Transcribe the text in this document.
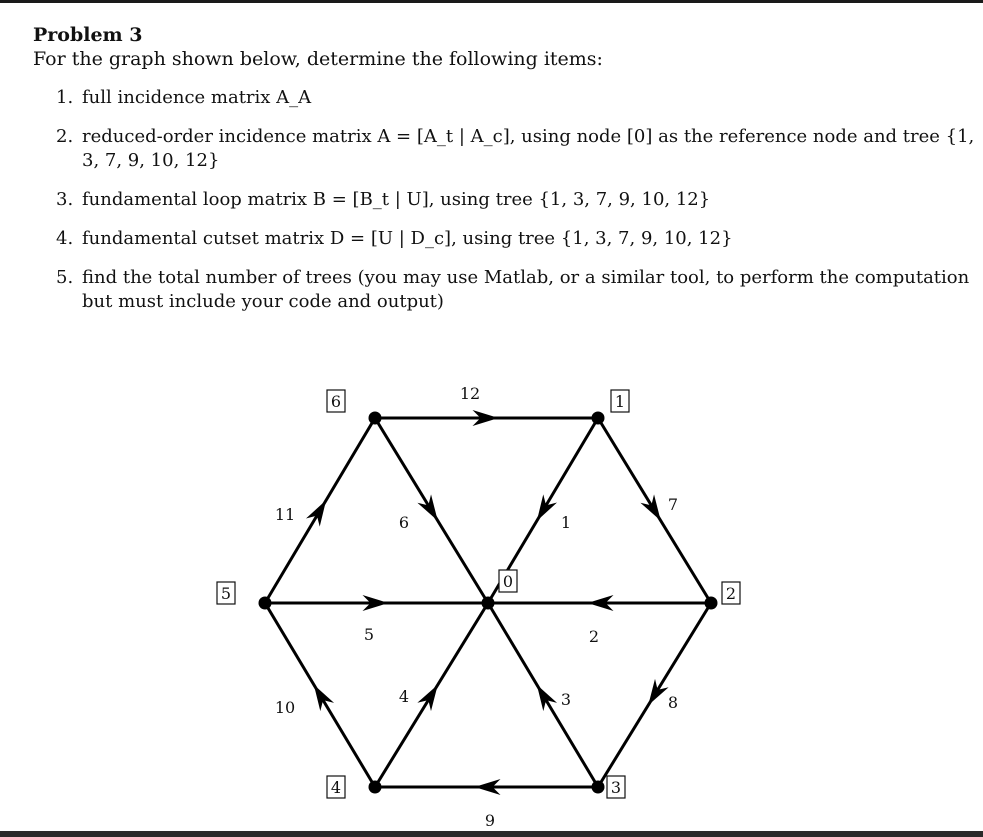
Problem 3
For the graph shown below, determine the following items:
1. full incidence matrix A_A
2. reduced-order incidence matrix A = [A_t | A_c], using node [0] as the reference node and tree {1, 3, 7, 9, 10, 12}
3. fundamental loop matrix B = [B_t | U], using tree {1, 3, 7, 9, 10, 12}
4. fundamental cutset matrix D = [U | D_c], using tree {1, 3, 7, 9, 10, 12}
5. find the total number of trees (you may use Matlab, or a similar tool, to perform the computation but must include your code and output)
1
2
3
4
5
6
7
8
9
10
11
12
0
1
2
3
4
5
6
